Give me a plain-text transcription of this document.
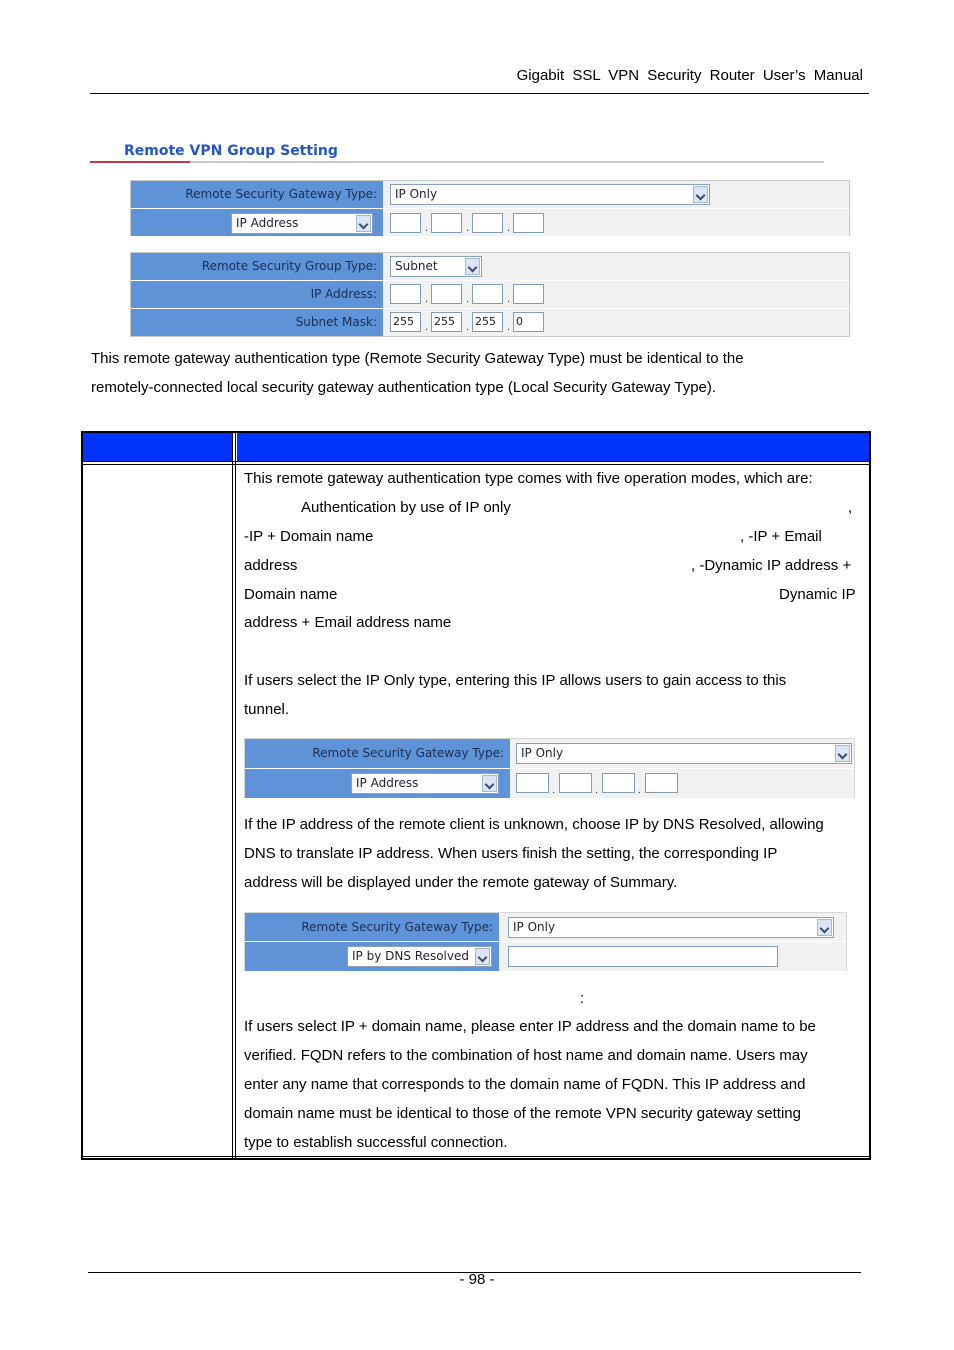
Gigabit SSL VPN Security Router User’s Manual
Remote VPN Group Setting
Remote Security Gateway Type:	IP Only
IP Address	.	.	.
Remote Security Group Type:	Subnet
IP Address:	.	.	.
Subnet Mask:	255	. 255	. 255	. 0
This remote gateway authentication type (Remote Security Gateway Type) must be identical to the
remotely-connected local security gateway authentication type (Local Security Gateway Type).
This remote gateway authentication type comes with five operation modes, which are:
Authentication by use of IP only	,
-IP + Domain name	, -IP + Email
address	, -Dynamic IP address +
Domain name	Dynamic IP
address + Email address name
If users select the IP Only type, entering this IP allows users to gain access to this
tunnel.
Remote Security Gateway Type:	IP Only
IP Address	.	.	.
If the IP address of the remote client is unknown, choose IP by DNS Resolved, allowing
DNS to translate IP address. When users finish the setting, the corresponding IP
address will be displayed under the remote gateway of Summary.
Remote Security Gateway Type:	IP Only
IP by DNS Resolved
:
If users select IP + domain name, please enter IP address and the domain name to be
verified. FQDN refers to the combination of host name and domain name. Users may
enter any name that corresponds to the domain name of FQDN. This IP address and
domain name must be identical to those of the remote VPN security gateway setting
type to establish successful connection.
- 98 -
